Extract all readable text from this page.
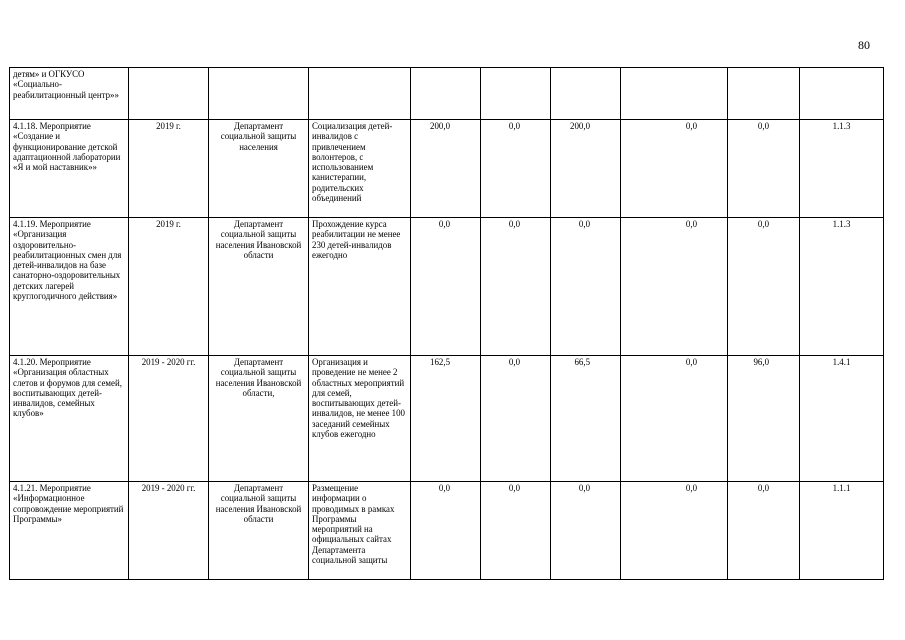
80
детям» и ОГКУСО «Социально-реабилитационный центр»»									
4.1.18. Мероприятие «Создание и функционирование детской адаптационной лаборатории «Я и мой наставник»»	2019 г.	Департамент социальной защиты населения	Социализация детей-инвалидов с привлечением волонтеров, с использованием канистерапии, родительских объединений	200,0	0,0	200,0	0,0	0,0	1.1.3
4.1.19. Мероприятие «Организация оздоровительно-реабилитационных смен для детей-инвалидов на базе санаторно-оздоровительных детских лагерей круглогодичного действия»	2019 г.	Департамент социальной защиты населения Ивановской области	Прохождение курса реабилитации не менее 230 детей-инвалидов ежегодно	0,0	0,0	0,0	0,0	0,0	1.1.3
4.1.20. Мероприятие «Организация областных слетов и форумов для семей, воспитывающих детей-инвалидов, семейных клубов»	2019 - 2020 гг.	Департамент социальной защиты населения Ивановской области,	Организация и проведение не менее 2 областных мероприятий для семей, воспитывающих детей-инвалидов, не менее 100 заседаний семейных клубов ежегодно	162,5	0,0	66,5	0,0	96,0	1.4.1
4.1.21. Мероприятие «Информационное сопровождение мероприятий Программы»	2019 - 2020 гг.	Департамент социальной защиты населения Ивановской области	Размещение информации о проводимых в рамках Программы мероприятий на официальных сайтах Департамента социальной защиты	0,0	0,0	0,0	0,0	0,0	1.1.1
